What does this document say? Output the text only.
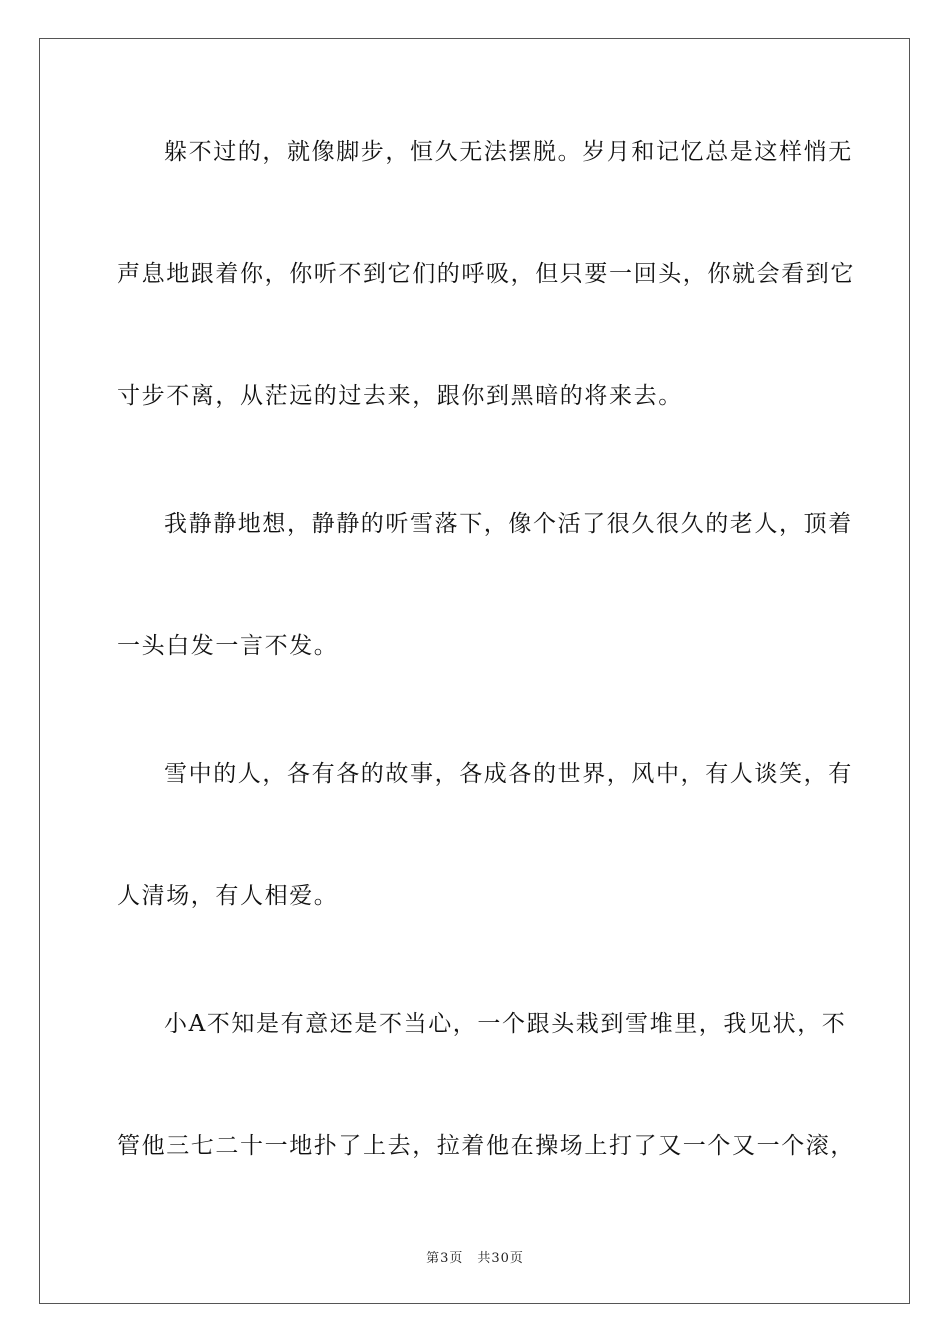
躲不过的，就像脚步，恒久无法摆脱。岁月和记忆总是这样悄无
声息地跟着你，你听不到它们的呼吸，但只要一回头，你就会看到它
寸步不离，从茫远的过去来，跟你到黑暗的将来去。
我静静地想，静静的听雪落下，像个活了很久很久的老人，顶着
一头白发一言不发。
雪中的人，各有各的故事，各成各的世界，风中，有人谈笑，有
人清场，有人相爱。
小A不知是有意还是不当心，一个跟头栽到雪堆里，我见状，不
管他三七二十一地扑了上去，拉着他在操场上打了又一个又一个滚，
第3页　共30页
